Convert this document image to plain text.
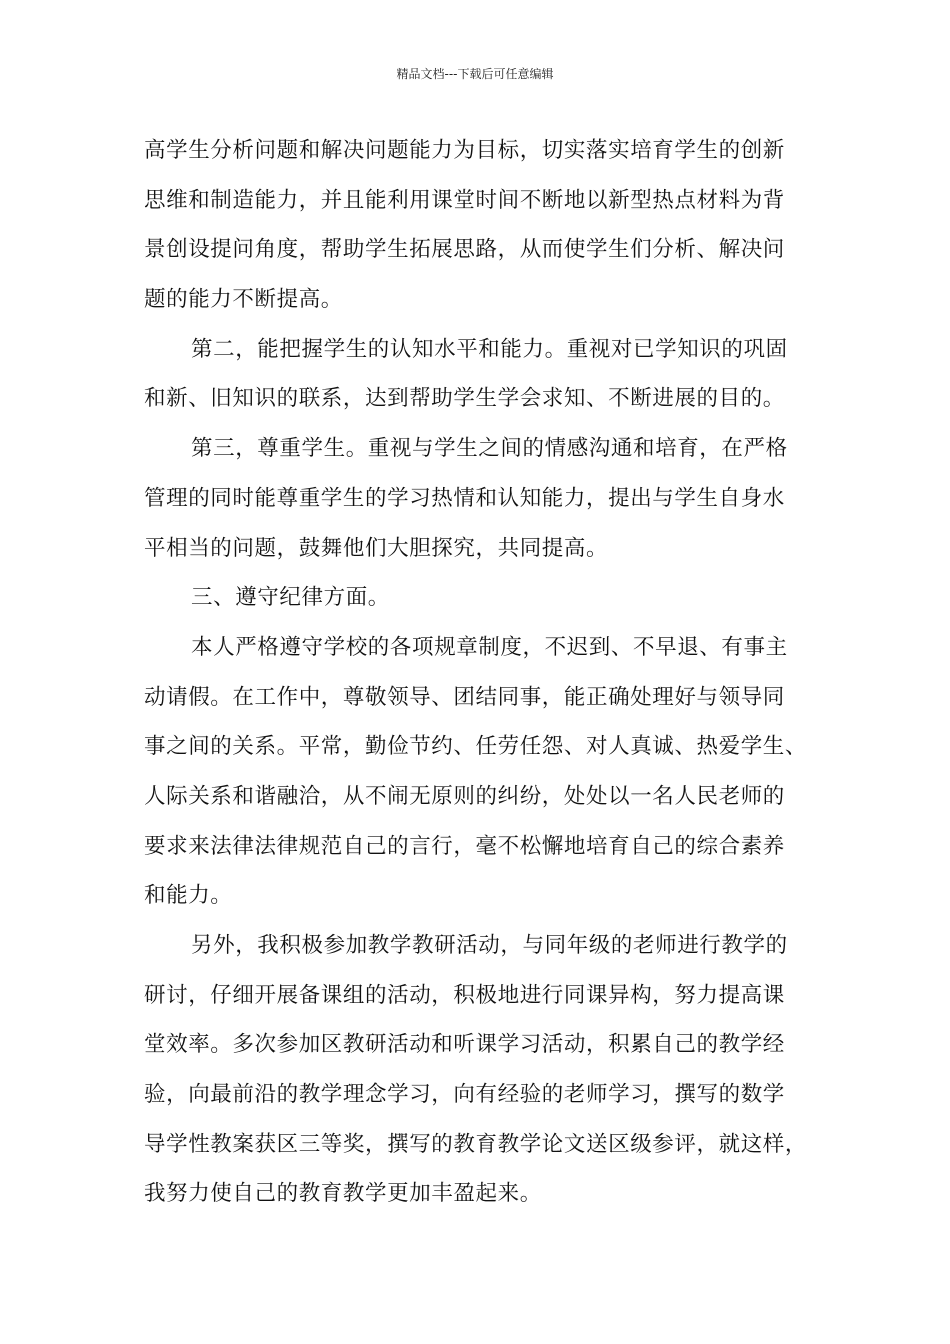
精品文档---下载后可任意编辑
高学生分析问题和解决问题能力为目标，切实落实培育学生的创新
思维和制造能力，并且能利用课堂时间不断地以新型热点材料为背
景创设提问角度，帮助学生拓展思路，从而使学生们分析、解决问
题的能力不断提高。
第二，能把握学生的认知水平和能力。重视对已学知识的巩固
和新、旧知识的联系，达到帮助学生学会求知、不断进展的目的。
第三，尊重学生。重视与学生之间的情感沟通和培育，在严格
管理的同时能尊重学生的学习热情和认知能力，提出与学生自身水
平相当的问题，鼓舞他们大胆探究，共同提高。
三、遵守纪律方面。
本人严格遵守学校的各项规章制度，不迟到、不早退、有事主
动请假。在工作中，尊敬领导、团结同事，能正确处理好与领导同
事之间的关系。平常，勤俭节约、任劳任怨、对人真诚、热爱学生、
人际关系和谐融洽，从不闹无原则的纠纷，处处以一名人民老师的
要求来法律法律规范自己的言行，毫不松懈地培育自己的综合素养
和能力。
另外，我积极参加教学教研活动，与同年级的老师进行教学的
研讨，仔细开展备课组的活动，积极地进行同课异构，努力提高课
堂效率。多次参加区教研活动和听课学习活动，积累自己的教学经
验，向最前沿的教学理念学习，向有经验的老师学习，撰写的数学
导学性教案获区三等奖，撰写的教育教学论文送区级参评，就这样，
我努力使自己的教育教学更加丰盈起来。
